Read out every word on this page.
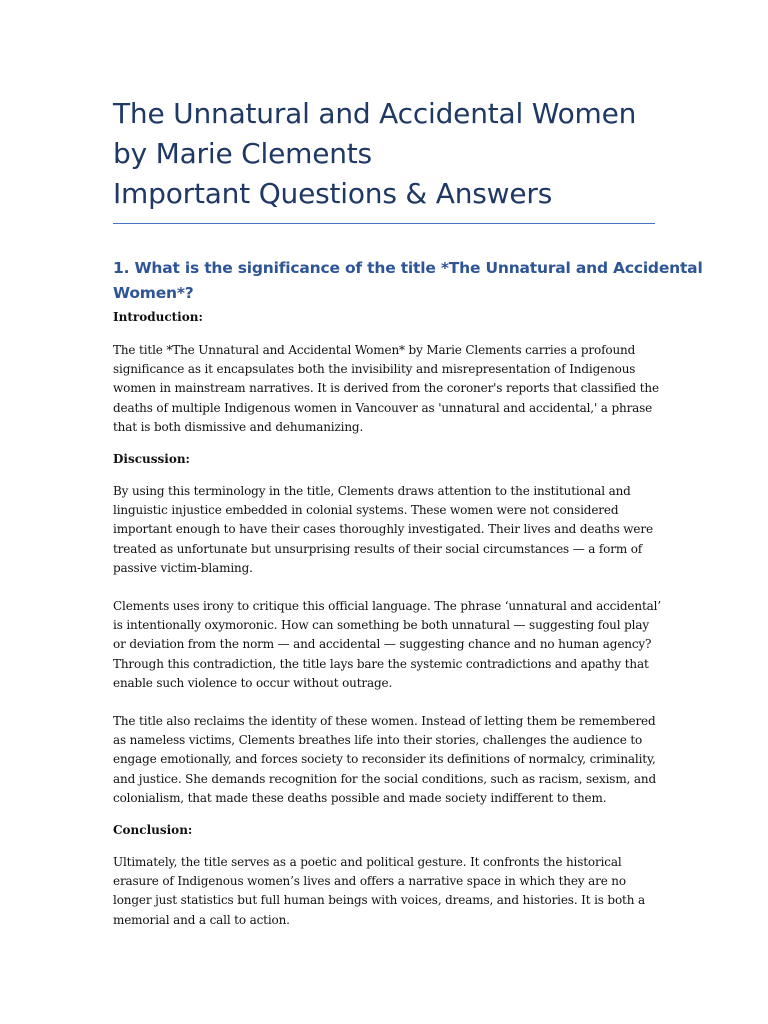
The Unnatural and Accidental Women
by Marie Clements
Important Questions & Answers
1. What is the significance of the title *The Unnatural and Accidental
Women*?

Introduction:

The title *The Unnatural and Accidental Women* by Marie Clements carries a profound
significance as it encapsulates both the invisibility and misrepresentation of Indigenous
women in mainstream narratives. It is derived from the coroner's reports that classified the
deaths of multiple Indigenous women in Vancouver as 'unnatural and accidental,' a phrase
that is both dismissive and dehumanizing.

Discussion:

By using this terminology in the title, Clements draws attention to the institutional and
linguistic injustice embedded in colonial systems. These women were not considered
important enough to have their cases thoroughly investigated. Their lives and deaths were
treated as unfortunate but unsurprising results of their social circumstances — a form of
passive victim-blaming.

Clements uses irony to critique this official language. The phrase ‘unnatural and accidental’
is intentionally oxymoronic. How can something be both unnatural — suggesting foul play
or deviation from the norm — and accidental — suggesting chance and no human agency?
Through this contradiction, the title lays bare the systemic contradictions and apathy that
enable such violence to occur without outrage.

The title also reclaims the identity of these women. Instead of letting them be remembered
as nameless victims, Clements breathes life into their stories, challenges the audience to
engage emotionally, and forces society to reconsider its definitions of normalcy, criminality,
and justice. She demands recognition for the social conditions, such as racism, sexism, and
colonialism, that made these deaths possible and made society indifferent to them.

Conclusion:

Ultimately, the title serves as a poetic and political gesture. It confronts the historical
erasure of Indigenous women’s lives and offers a narrative space in which they are no
longer just statistics but full human beings with voices, dreams, and histories. It is both a
memorial and a call to action.
